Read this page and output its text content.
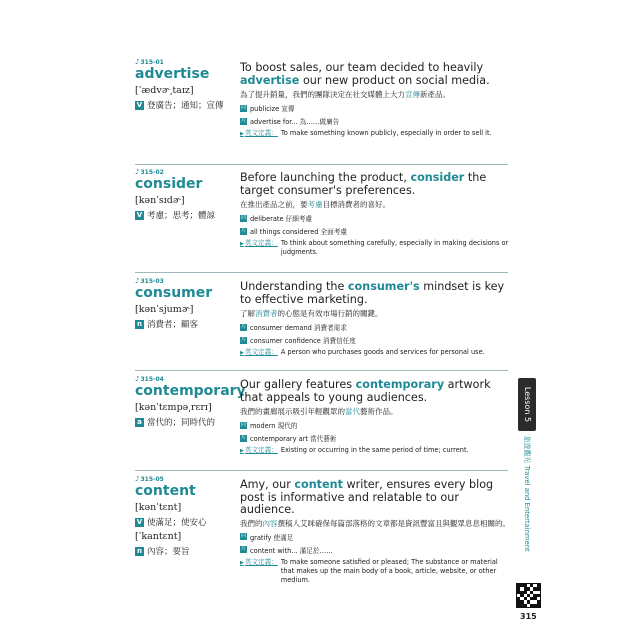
♪ 315-01
advertise
[ˈædvɚ͵taɪz]
V 登廣告；通知；宣傳
To boost sales, our team decided to heavily advertise our new product on social media.
為了提升銷量，我們的團隊決定在社交媒體上大力宣傳新產品。
同 publicize 宣傳
片 advertise for... 為……做廣告
▶英文定義： To make something known publicly, especially in order to sell it.
♪ 315-02
consider
[kənˈsɪdɚ]
V 考慮；思考；體諒
Before launching the product, consider the target consumer's preferences.
在推出產品之前，要考慮目標消費者的喜好。
同 deliberate 仔細考慮
片 all things considered 全面考慮
▶英文定義： To think about something carefully, especially in making decisions or judgments.
♪ 315-03
consumer
[kənˈsjumɚ]
n 消費者；顧客
Understanding the consumer's mindset is key to effective marketing.
了解消費者的心態是有效市場行銷的關鍵。
片 consumer demand 消費者需求
片 consumer confidence 消費信任度
▶英文定義： A person who purchases goods and services for personal use.
♪ 315-04
contemporary
[kənˈtɛmpə͵rɛrɪ]
a 當代的；同時代的
Our gallery features contemporary artwork that appeals to young audiences.
我們的畫廊展示吸引年輕觀眾的當代藝術作品。
同 modern 現代的
片 contemporary art 當代藝術
▶英文定義： Existing or occurring in the same period of time; current.
♪ 315-05
content
[kənˈtɛnt]
V 使滿足；使安心
[ˈkantɛnt]
n 內容；要旨
Amy, our content writer, ensures every blog post is informative and relatable to our audience.
我們的內容撰稿人艾咪確保每篇部落格的文章都是資訊豐富且與觀眾息息相關的。
同 gratify 使滿足
片 content with... 滿足於……
▶英文定義： To make someone satisfied or pleased; The substance or material that makes up the main body of a book, article, website, or other medium.
Lesson 5
旅遊觀光 Travel and Entertainment
315
